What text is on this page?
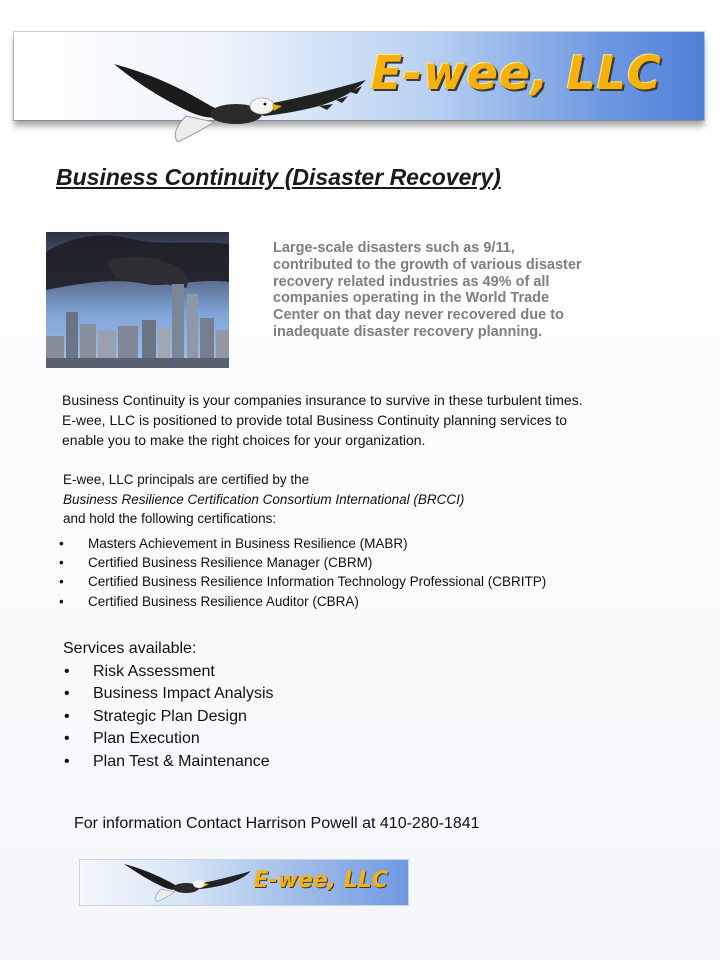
E-wee, LLC
Business Continuity (Disaster Recovery)
Large-scale disasters such as 9/11, contributed to the growth of various disaster recovery related industries as 49% of all companies operating in the World Trade Center on that day never recovered due to inadequate disaster recovery planning.
Business Continuity is your companies insurance to survive in these turbulent times.
E-wee, LLC is positioned to provide total Business Continuity planning services to
enable you to make the right choices for your organization.
E-wee, LLC principals are certified by the
Business Resilience Certification Consortium International (BRCCI)
and hold the following certifications:
• Masters Achievement in Business Resilience (MABR)
• Certified Business Resilience Manager (CBRM)
• Certified Business Resilience Information Technology Professional (CBRITP)
• Certified Business Resilience Auditor (CBRA)
Services available:
• Risk Assessment
• Business Impact Analysis
• Strategic Plan Design
• Plan Execution
• Plan Test & Maintenance
For information Contact Harrison Powell at 410-280-1841
E-wee, LLC
